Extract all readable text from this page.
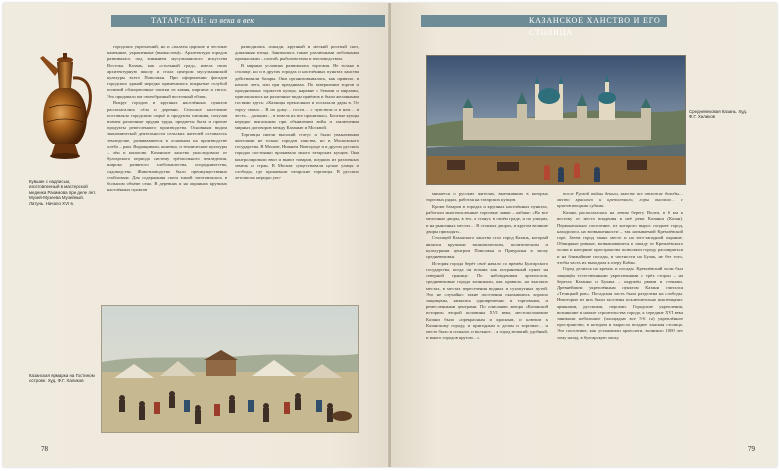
ТАТАРСТАН: из века в век
Кувшин с надписью, изготовленный в мастерской медника Рахимова при деле лет. Музей-Музеева Музейный. Латунь. Начало XVI в.

городских укреплений, но и «палаты царские и честные каменные, украшенные (вымыслом)». Архитектура городов развивалась под влиянием мусульманского искусства Востока. Казань, как «стольный град», имела свою архитектурную школу и стала центром мусульманской культуры всего Поволжья. При оформлении фасадов городских зданий нередко применялись покрытые голубой поливой облицовочные плитки из камня, кирпича и гипса. Это придавало им своеобразный восточный облик.

Вокруг городов и крупных населённых пунктов располагались сёла и деревни. Сельское население поставляло городским сырьё и продукты питания, получая взамен различные орудия труда, предметы быта и прочие продукты ремесленного производства. Основным видом экономической деятельности сельских жителей оставалось земледелие, развивавшееся в основном на производстве хлеба – ржи. Выращивали, конечно, и технические культуры – лён и коноплю. Казанское ханство унаследовало от булгарского периода систему трёхпольного земледелия, широко развитого хлебопашества, огородничества, садоводства. Животноводство было преимущественно стойловым. Для содержания скота зимой заготовлялось в большом объёме сено. В деревнях и на окраинах крупных населённых пунктов

разводились лошади, крупный и мелкий рогатый скот, домашняя птица. Занимались также различными побочными промыслами – охотой, рыболовством и пчеловодством.

В мирных условиях развивалась торговля. Не только в столице, но и в других городах и населённых пунктах ханства действовали базары. Они организовывались, как правило, в начале лета, или при праздниках. По завершении торгов и праздничных торжеств купцы, наравне с беками и мирзами, приглашались на различные виды приёмов и были желанными гостями здесь: «Казанцы преклоняли и посылали дары в. От торгу своих… В их дому… гости… с чувством и в нем… в честь… дальних… в земель их все пронизано». Богатые купцы нередко выполняли при объявлении войн и заключении мирных договоров между Казанью и Москвой.

Торговцы имели высокий статус и были уважаемыми жителями не только городов ханства, но и Московского государства. В Москве, Нижнем Новгороде и в других русских городах постоянно проживало много татарских купцов. Они контролировали ввоз и вывоз товаров, шедших из различных земель и стран. В Москве существовали целые улицы и слободы, где проживали татарские торговцы. В русских летописях нередко упо-

Казанская ярмарка на Гостином острове. Худ. Ф.Г. Халиков
78
КАЗАНСКОЕ ХАНСТВО И ЕГО СТОЛИЦА
Средневековая Казань. Худ. Ф.Г. Халиков

минается о русских жителях, выезжавших в которых торговых рядах, работая на татарских купцов.

Кроме базаров в городах и крупных населённых пунктах, работали многочисленные торговые лавки – кабаки: «Во все мелочные дворы, в тех, а станут, в своём граде, и по улицам, и на рыночных местах… В стоялых дворах, и кругом великие дворы приходят».

Столицей Казанского ханства стал город Казань, который являлся крупным экономическим, политическим и культурным центром Поволжья и Приуралья в эпоху средневековья.

История города берёт своё начало со времён Булгарского государства, когда он возник как пограничный пункт на северной границе. По наблюдениям археологов, средневековые города возникали, как правило, на высоких местах, в местах пересечения водных и сухопутных путей. Это не случайно: такие поселения оказывались хорошо защищены, являлись одновременно и торговыми, и ремесленными центрами. По описанию автора «Казанской истории» второй половины XVI века, местоположение Казани было «прекрасным и красным, и ключом к Казанскому городу, и пригодным к делам и торговле… и место было и сильное, и вольное… а город великий, удобный, и много городов кругом…»

после Руской войны деньги, вместе все отхожие доходы… место красного и крепостного, горы высокие… с приезжающими судами.

Казань располагалась на левом берегу Волги, в 6 км к востоку от места впадения в неё реки Казанки (Казан). Первоначально поселение, из которого вырос позднее город, находилось на возвышенности – так называемой Кремлёвской горе. Затем город занял место и на юго-западной окраине. Обширные ровные, возвышавшиеся к западу от Кремлёвского холма и нагорные пространства позволяли городу расширяться и на ближайшие посады, в частности на Булак, не без того, чтобы часть их выходила к озеру Кабан.

Город делился на кремль и посады. Кремлёвский холм был защищён естественными укреплениями с трёх сторон – на берегах Казанки и Булака – окружён рвами и стенами. Древнейшим укреплённым пунктом Казани считался «Тезицкий ров». Посадская часть была разделена на слободы. Некоторые из них были заселены исключительно иноземцами: армянами, русскими, персами. Городские укрепления, возникшие в начале строительства города, к середине XVI века занимали небольшое (площадью все 5-6 га) укреплённое пространство, в котором и выросла позднее ханская столица. Это поселение, как установили археологи, возникло 1000 лет тому назад, в булгарскую эпоху.

79
